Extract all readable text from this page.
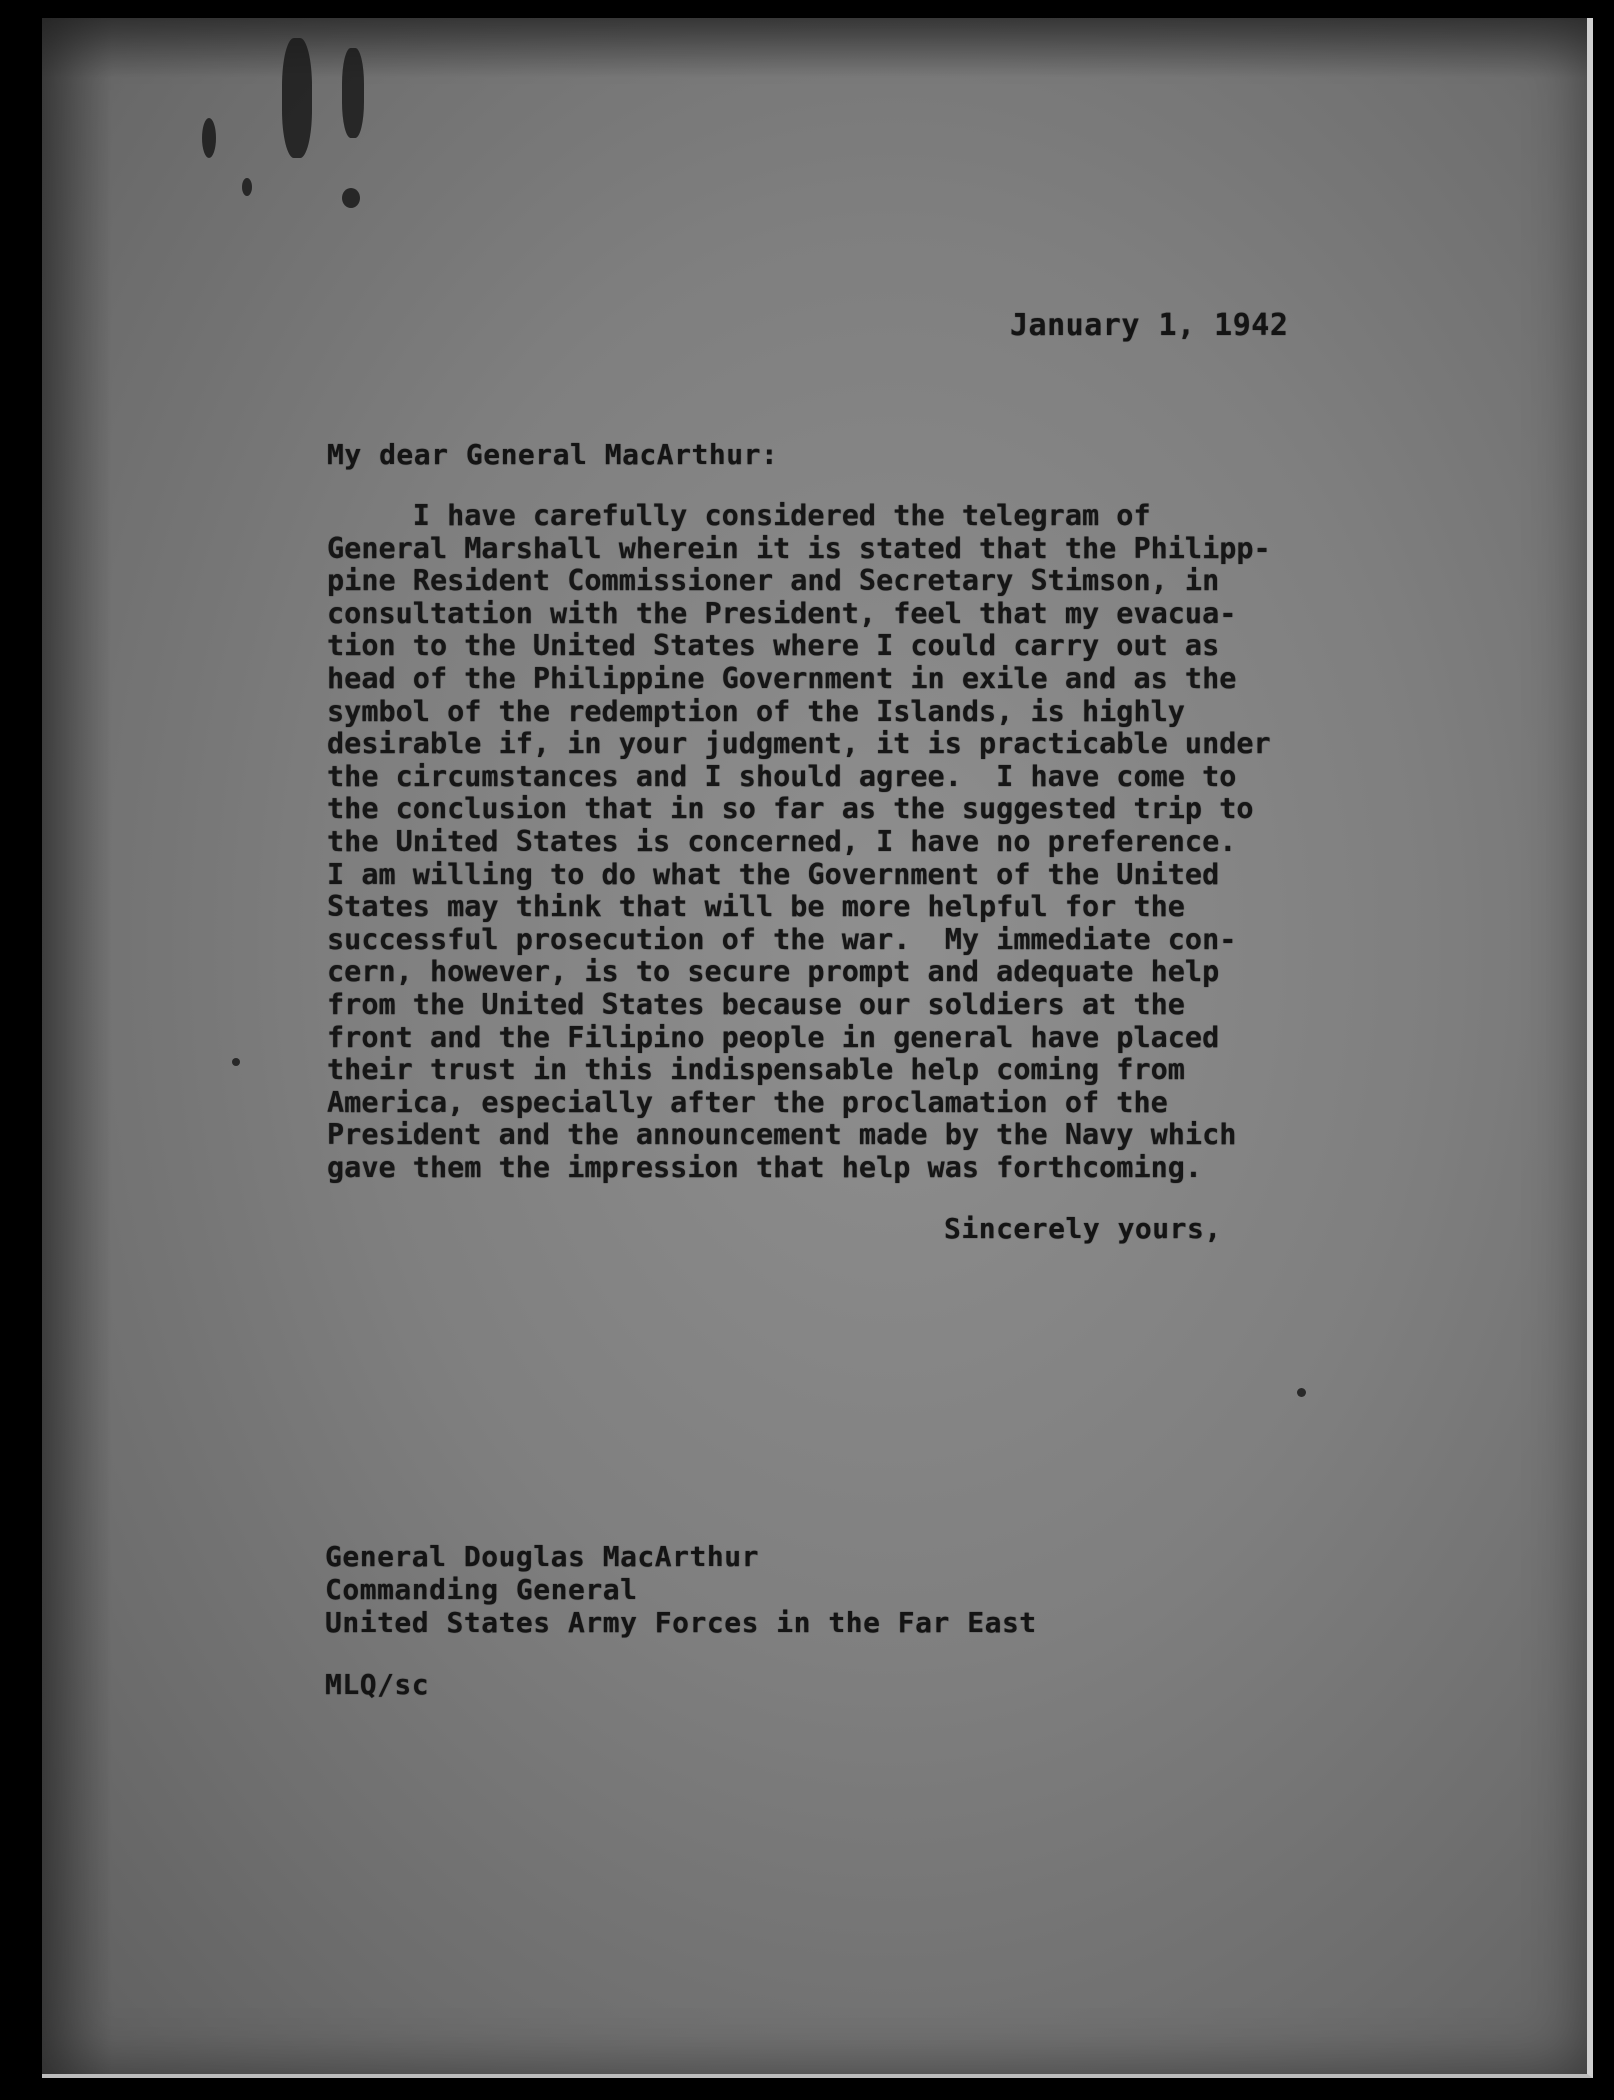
January 1, 1942
My dear General MacArthur:
I have carefully considered the telegram of
General Marshall wherein it is stated that the Philipp-
pine Resident Commissioner and Secretary Stimson, in
consultation with the President, feel that my evacua-
tion to the United States where I could carry out as
head of the Philippine Government in exile and as the
symbol of the redemption of the Islands, is highly
desirable if, in your judgment, it is practicable under
the circumstances and I should agree.  I have come to
the conclusion that in so far as the suggested trip to
the United States is concerned, I have no preference.
I am willing to do what the Government of the United
States may think that will be more helpful for the
successful prosecution of the war.  My immediate con-
cern, however, is to secure prompt and adequate help
from the United States because our soldiers at the
front and the Filipino people in general have placed
their trust in this indispensable help coming from
America, especially after the proclamation of the
President and the announcement made by the Navy which
gave them the impression that help was forthcoming.
Sincerely yours,
General Douglas MacArthur
Commanding General
United States Army Forces in the Far East
MLQ/sc
